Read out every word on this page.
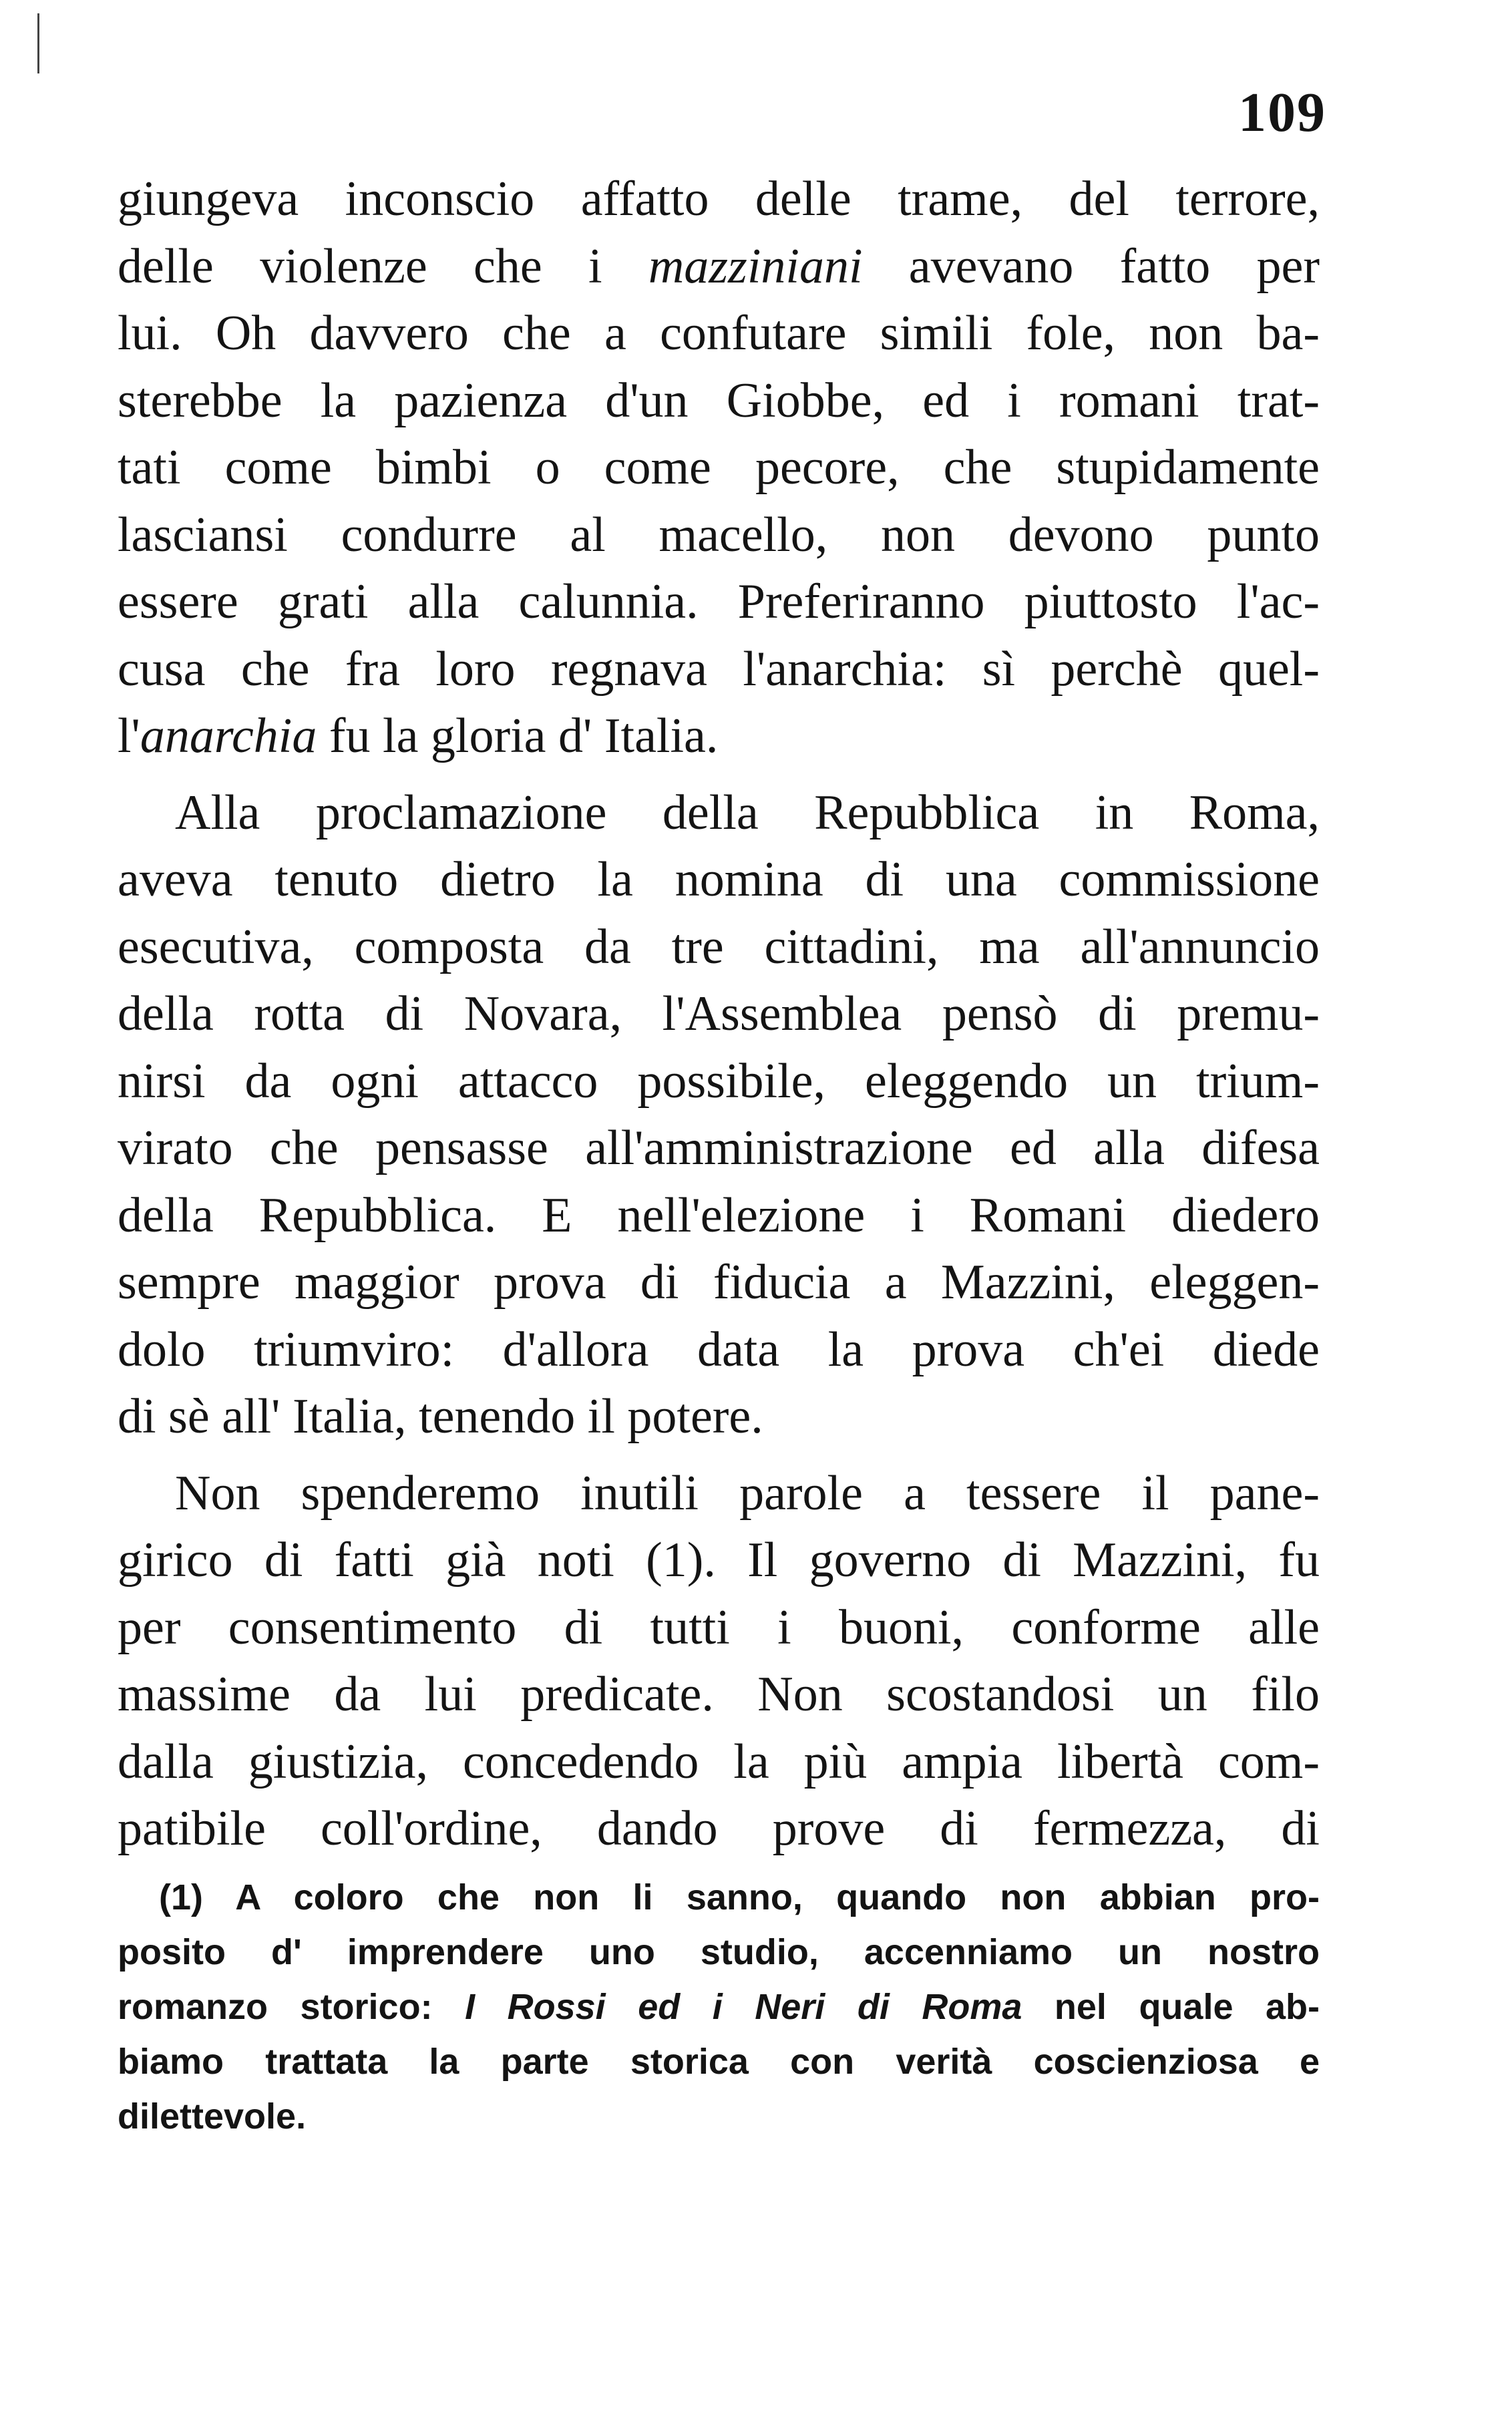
109
giungeva inconscio affatto delle trame, del terrore,
delle violenze che i mazziniani avevano fatto per
lui. Oh davvero che a confutare simili fole, non ba-
sterebbe la pazienza d'un Giobbe, ed i romani trat-
tati come bimbi o come pecore, che stupidamente
lasciansi condurre al macello, non devono punto
essere grati alla calunnia. Preferiranno piuttosto l'ac-
cusa che fra loro regnava l'anarchia: sì perchè quel-
l'anarchia fu la gloria d' Italia.
Alla proclamazione della Repubblica in Roma,
aveva tenuto dietro la nomina di una commissione
esecutiva, composta da tre cittadini, ma all'annuncio
della rotta di Novara, l'Assemblea pensò di premu-
nirsi da ogni attacco possibile, eleggendo un trium-
virato che pensasse all'amministrazione ed alla difesa
della Repubblica. E nell'elezione i Romani diedero
sempre maggior prova di fiducia a Mazzini, eleggen-
dolo triumviro: d'allora data la prova ch'ei diede
di sè all' Italia, tenendo il potere.
Non spenderemo inutili parole a tessere il pane-
girico di fatti già noti (1). Il governo di Mazzini, fu
per consentimento di tutti i buoni, conforme alle
massime da lui predicate. Non scostandosi un filo
dalla giustizia, concedendo la più ampia libertà com-
patibile coll'ordine, dando prove di fermezza, di
(1) A coloro che non li sanno, quando non abbian pro-
posito d' imprendere uno studio, accenniamo un nostro
romanzo storico: I Rossi ed i Neri di Roma nel quale ab-
biamo trattata la parte storica con verità coscienziosa e
dilettevole.
